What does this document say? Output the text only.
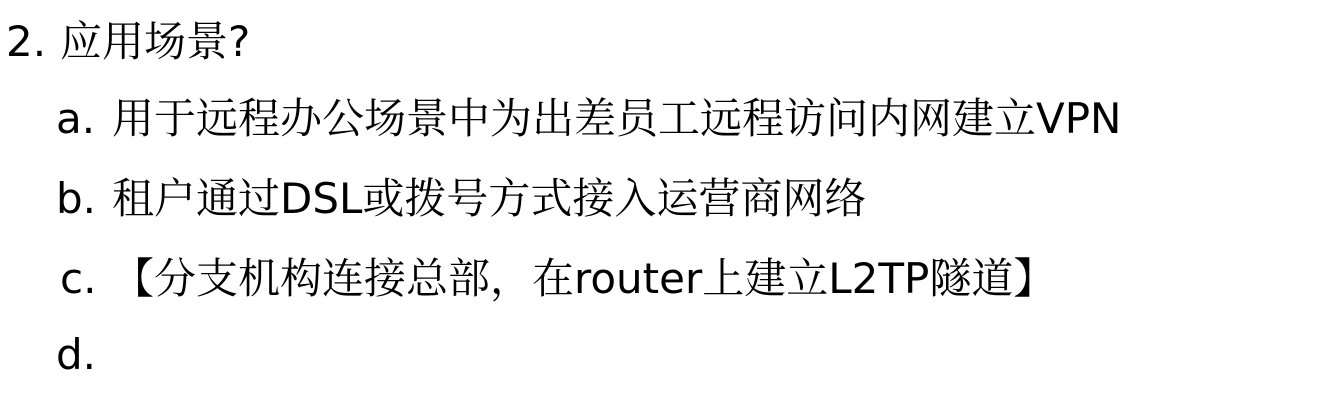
2. 应用场景?
a. 用于远程办公场景中为出差员工远程访问内网建立VPN
b. 租户通过DSL或拨号方式接入运营商网络
c. 【分支机构连接总部，在router上建立L2TP隧道】
d.
